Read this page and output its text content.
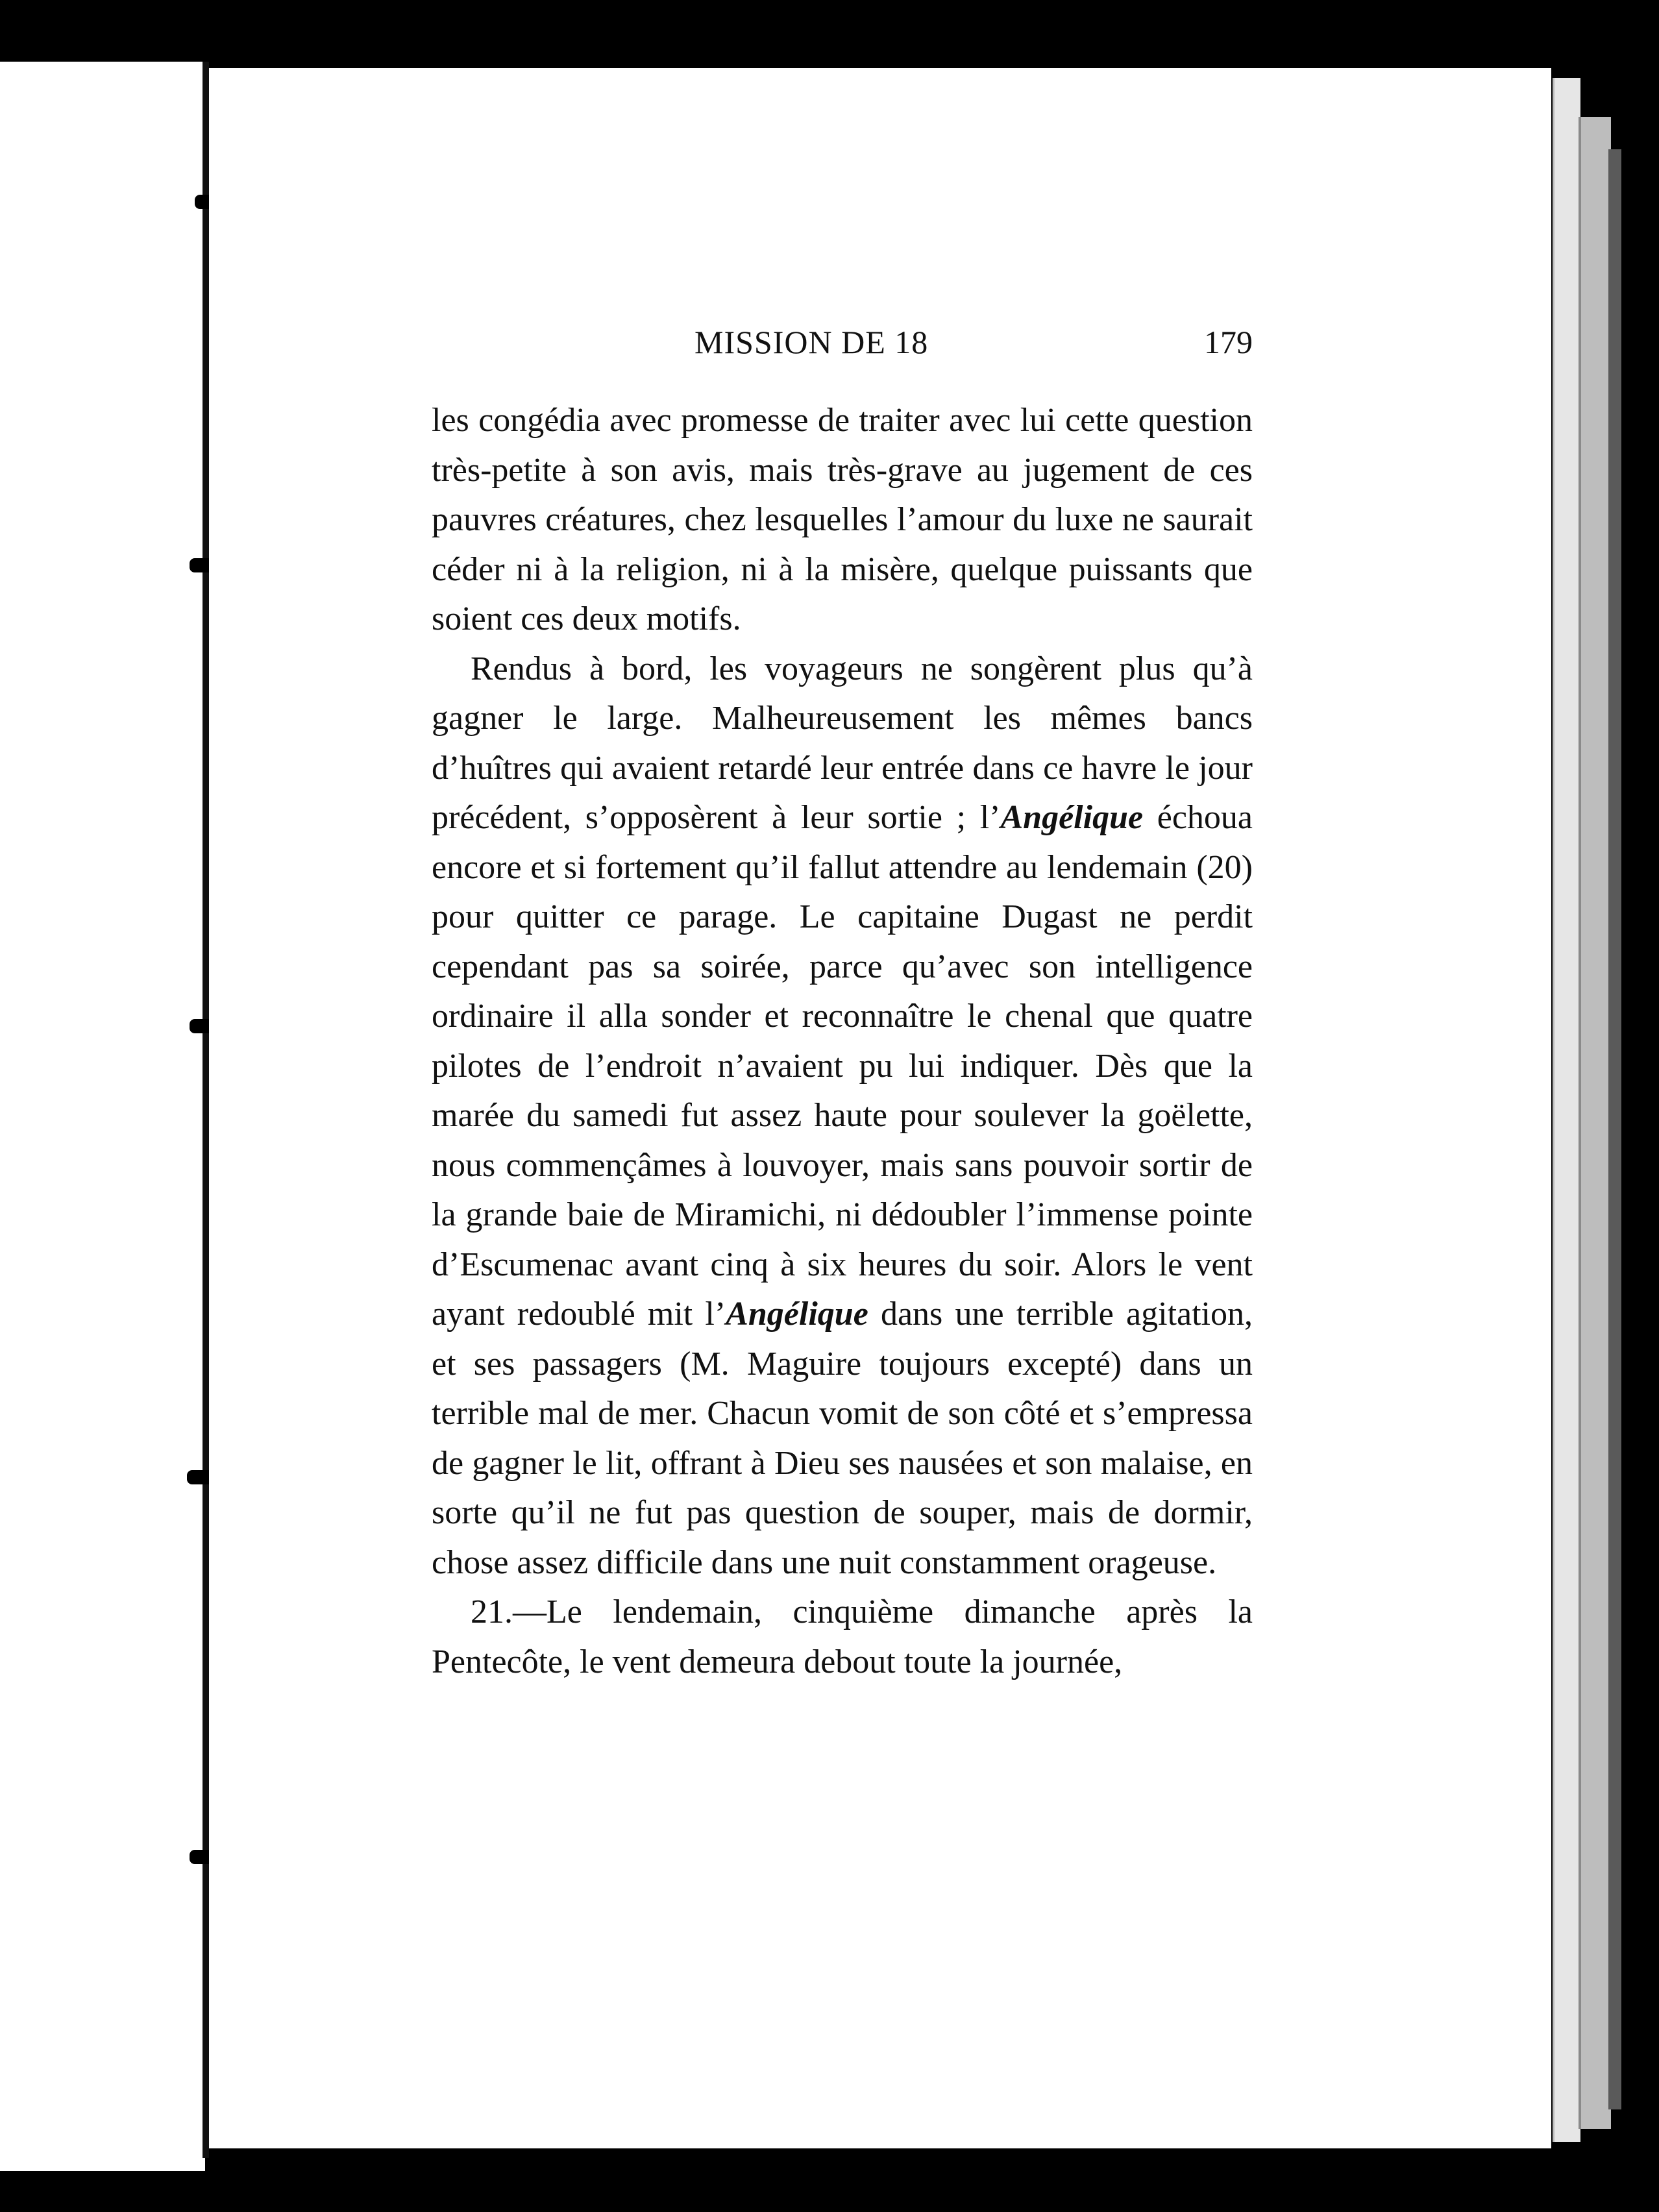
MISSION DE 18	179

les congédia avec promesse de traiter avec lui cette question très-petite à son avis, mais très-grave au jugement de ces pauvres créatures, chez lesquelles l’amour du luxe ne saurait céder ni à la religion, ni à la misère, quelque puissants que soient ces deux motifs.

Rendus à bord, les voyageurs ne songèrent plus qu’à gagner le large. Malheureusement les mêmes bancs d’huîtres qui avaient retardé leur entrée dans ce havre le jour précédent, s’opposèrent à leur sortie ; l’Angélique échoua encore et si fortement qu’il fallut attendre au lendemain (20) pour quitter ce parage. Le capitaine Dugast ne perdit cependant pas sa soirée, parce qu’avec son intelligence ordinaire il alla sonder et reconnaître le chenal que quatre pilotes de l’endroit n’avaient pu lui indiquer. Dès que la marée du samedi fut assez haute pour soulever la goëlette, nous commençâmes à louvoyer, mais sans pouvoir sortir de la grande baie de Miramichi, ni dédoubler l’immense pointe d’Escumenac avant cinq à six heures du soir. Alors le vent ayant redoublé mit l’Angélique dans une terrible agitation, et ses passagers (M. Maguire toujours excepté) dans un terrible mal de mer. Chacun vomit de son côté et s’empressa de gagner le lit, offrant à Dieu ses nausées et son malaise, en sorte qu’il ne fut pas question de souper, mais de dormir, chose assez difficile dans une nuit constamment orageuse.

21.—Le lendemain, cinquième dimanche après la Pentecôte, le vent demeura debout toute la journée,
